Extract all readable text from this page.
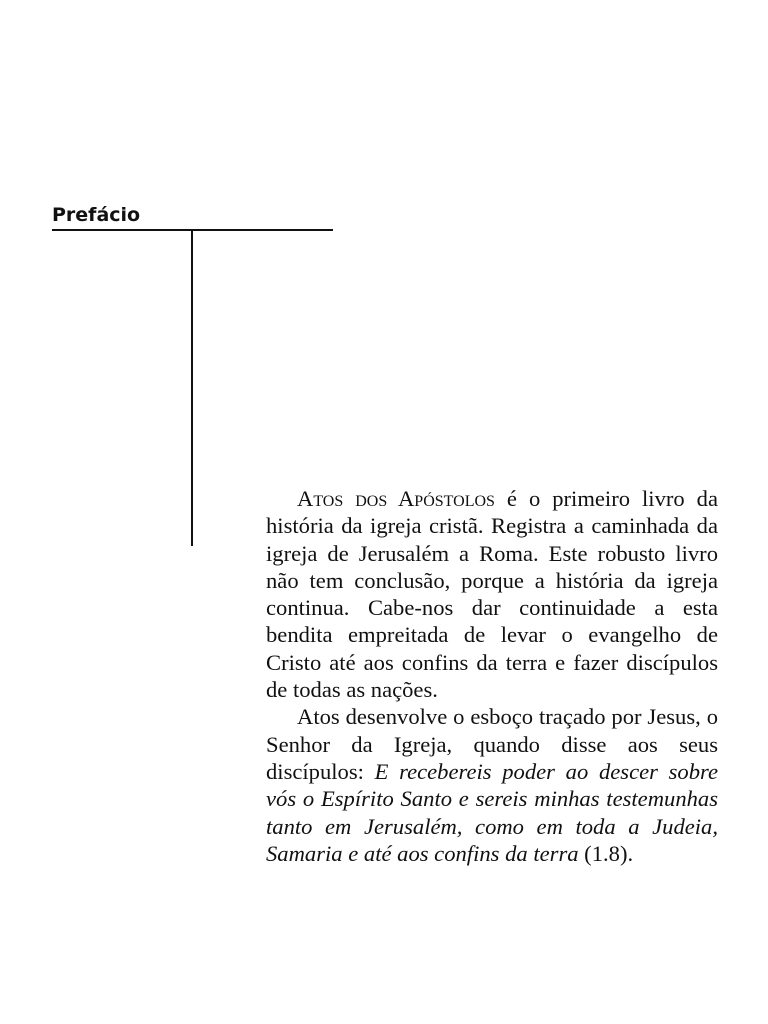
Prefácio

Atos dos Apóstolos é o primeiro livro da história da igreja cristã. Registra a caminhada da igreja de Jerusalém a Roma. Este robusto livro não tem conclusão, porque a história da igreja continua. Cabe-nos dar continuidade a esta bendita empreitada de levar o evangelho de Cristo até aos confins da terra e fazer discípulos de todas as nações.

Atos desenvolve o esboço traçado por Jesus, o Senhor da Igreja, quando disse aos seus discípulos: E recebereis poder ao descer sobre vós o Espírito Santo e sereis minhas testemunhas tanto em Jerusalém, como em toda a Judeia, Samaria e até aos confins da terra (1.8).
